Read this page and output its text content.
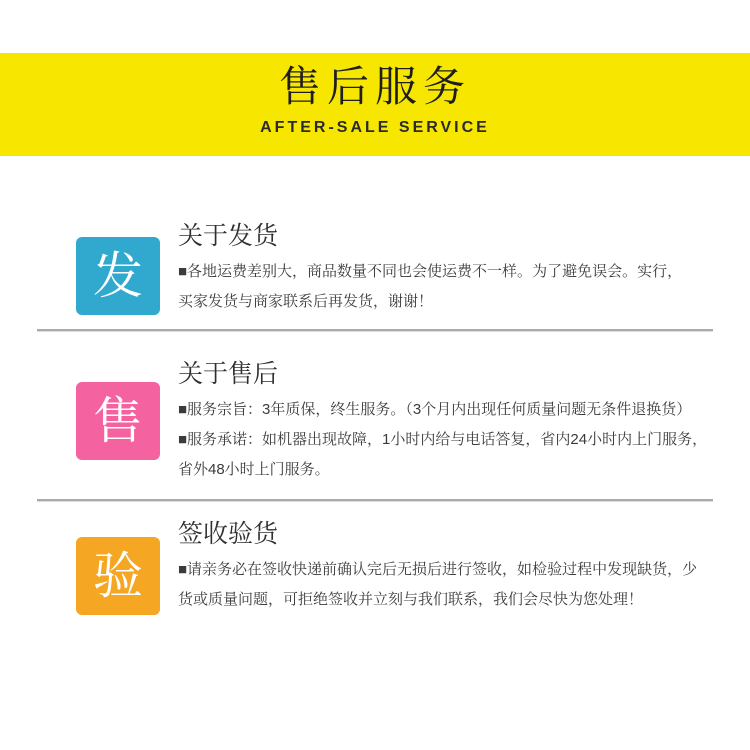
售后服务
AFTER-SALE SERVICE
发
关于发货
■各地运费差别大，商品数量不同也会使运费不一样。为了避免误会。实行，
买家发货与商家联系后再发货，谢谢！
售
关于售后
■服务宗旨：3年质保，终生服务。（3个月内出现任何质量问题无条件退换货）
■服务承诺：如机器出现故障，1小时内给与电话答复，省内24小时内上门服务，
省外48小时上门服务。
验
签收验货
■请亲务必在签收快递前确认完后无损后进行签收，如检验过程中发现缺货，少
货或质量问题，可拒绝签收并立刻与我们联系，我们会尽快为您处理！
